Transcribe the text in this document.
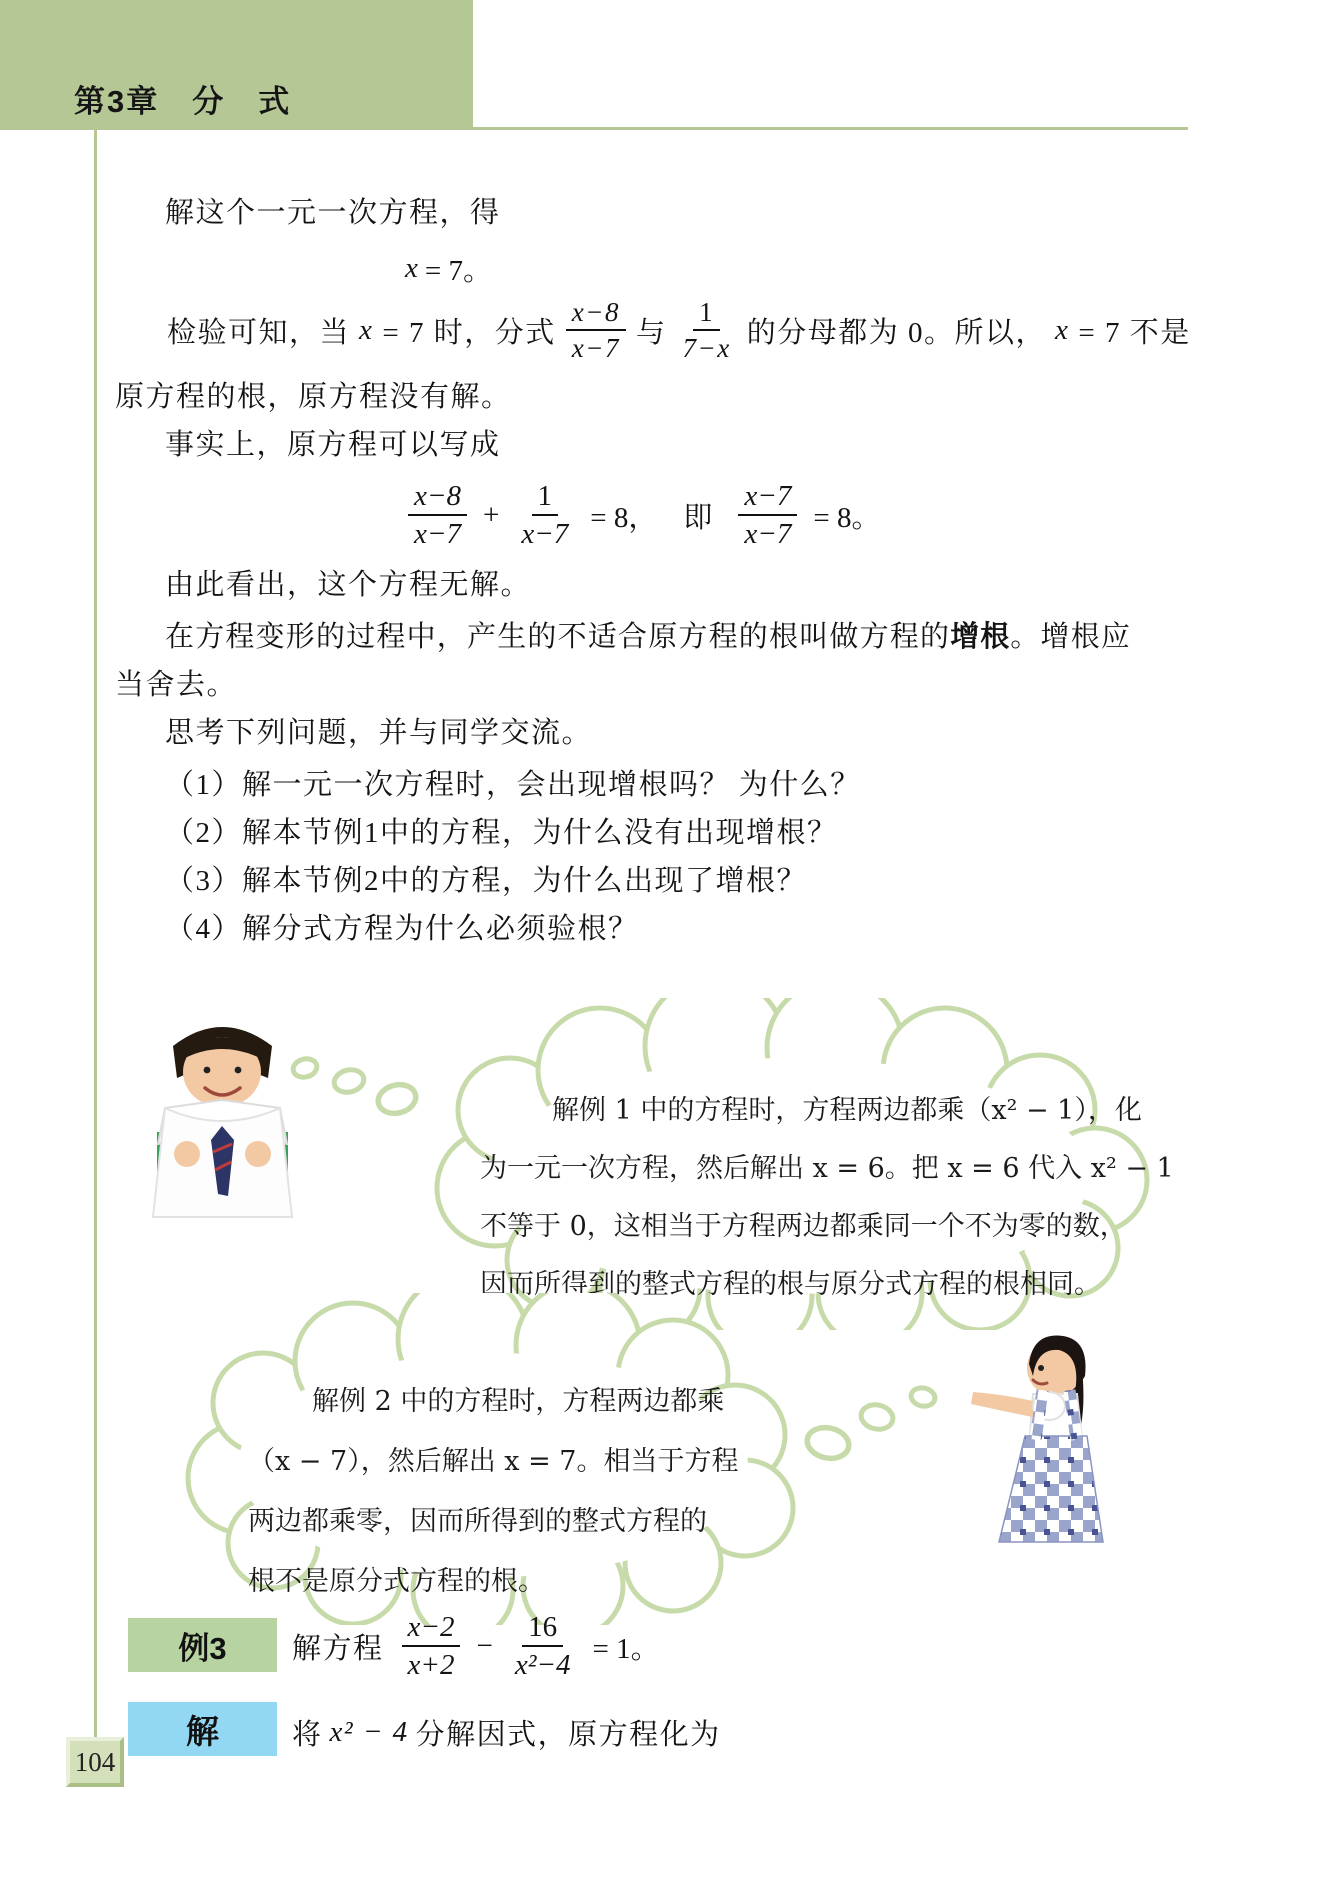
第3章　分　式
解这个一元一次方程，得
x = 7。
检验可知，当 x = 7 时，分式 $\frac{x-8}{x-7}$ 与 $\frac{1}{7-x}$ 的分母都为 0。所以， x = 7 不是
原方程的根，原方程没有解。
事实上，原方程可以写成
$\frac{x-8}{x-7} + \frac{1}{x-7} = 8$， 即 $\frac{x-7}{x-7} = 8$。
由此看出，这个方程无解。
在方程变形的过程中，产生的不适合原方程的根叫做方程的增根。增根应
当舍去。
思考下列问题，并与同学交流。
（1）解一元一次方程时，会出现增根吗？ 为什么？
（2）解本节例1中的方程，为什么没有出现增根？
（3）解本节例2中的方程，为什么出现了增根？
（4）解分式方程为什么必须验根？
解例 1 中的方程时，方程两边都乘（x² − 1），化
为一元一次方程，然后解出 x = 6。把 x = 6 代入 x² − 1
不等于 0，这相当于方程两边都乘同一个不为零的数，
因而所得到的整式方程的根与原分式方程的根相同。
解例 2 中的方程时，方程两边都乘
（x − 7），然后解出 x = 7。相当于方程
两边都乘零，因而所得到的整式方程的
根不是原分式方程的根。
例3 解方程 $\frac{x-2}{x+2} - \frac{16}{\text{x²−4}} = 1$。
解	将 x² − 4 分解因式，原方程化为
104
